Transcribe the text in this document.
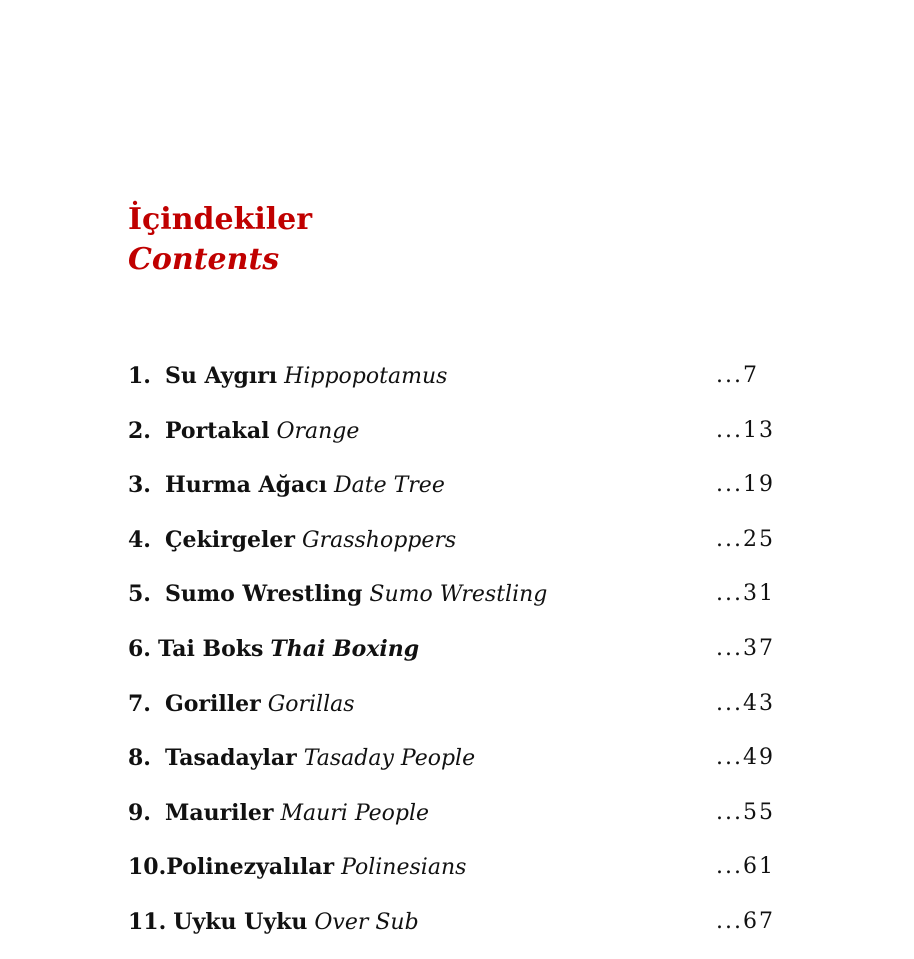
İçindekiler
Contents
1. Su Aygırı Hippopotamus	...7
2. Portakal Orange	...13
3. Hurma Ağacı Date Tree	...19
4. Çekirgeler Grasshoppers	...25
5. Sumo Wrestling Sumo Wrestling	...31
6. Tai Boks Thai Boxing	...37
7. Goriller Gorillas	...43
8. Tasadaylar Tasaday People	...49
9. Mauriler Mauri People	...55
10.Polinezyalılar Polinesians	...61
11. Uyku Uyku Over Sub	...67
